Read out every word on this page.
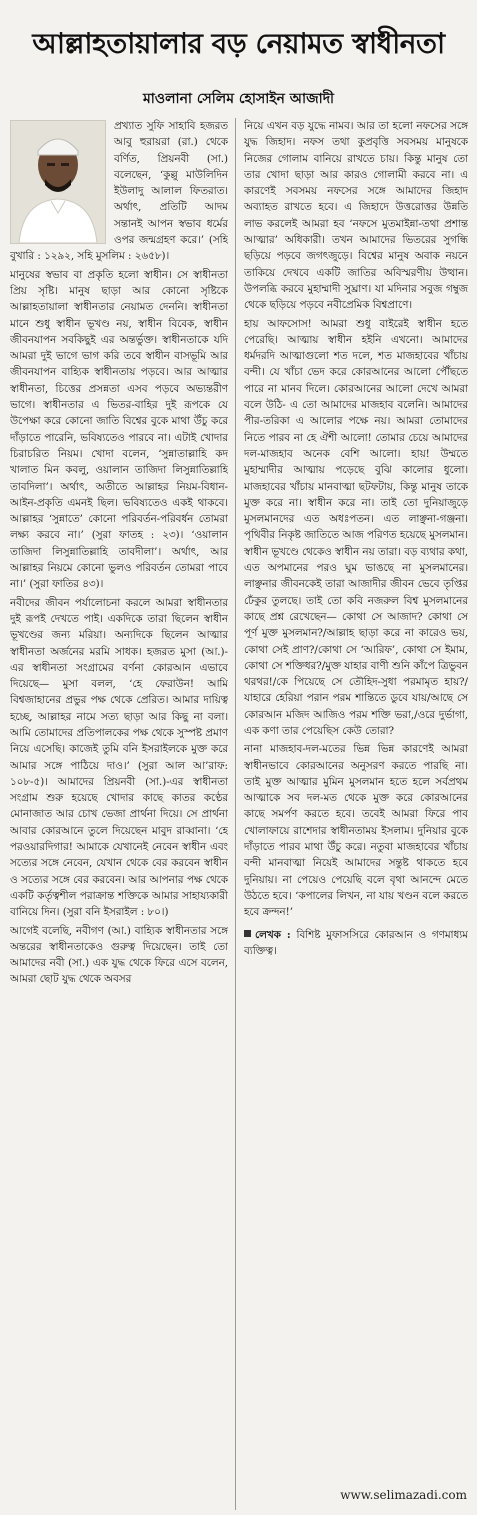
আল্লাহতায়ালার বড় নেয়ামত স্বাধীনতা
মাওলানা সেলিম হোসাইন আজাদী

প্রখ্যাত সুফি সাহাবি হজরত আবু হুরায়রা (রা.) থেকে বর্ণিত, প্রিয়নবী (সা.) বলেছেন, ‘কুল্লু মাউলিদিন ইউলাদু আলাল ফিতরাত। অর্থাৎ, প্রতিটি আদম সন্তানই আপন স্বভাব ধর্মের ওপর জন্মগ্রহণ করে।’ (সহি বুখারি : ১২৯২, সহি মুসলিম : ২৬৫৮)।

মানুষের স্বভাব বা প্রকৃতি হলো স্বাধীন। সে স্বাধীনতা প্রিয় সৃষ্টি। মানুষ ছাড়া আর কোনো সৃষ্টিকে আল্লাহতায়ালা স্বাধীনতার নেয়ামত দেননি। স্বাধীনতা মানে শুধু স্বাধীন ভূখণ্ড নয়, স্বাধীন বিবেক, স্বাধীন জীবনযাপন সবকিছুই এর অন্তর্ভুক্ত। স্বাধীনতাকে যদি আমরা দুই ভাগে ভাগ করি তবে স্বাধীন বাসভূমি আর জীবনযাপন বাহ্যিক স্বাধীনতায় পড়বে। আর আত্মার স্বাধীনতা, চিত্তের প্রসন্নতা এসব পড়বে অভ্যন্তরীণ ভাগে। স্বাধীনতার এ ভিতর-বাহির দুই রূপকে যে উপেক্ষা করে কোনো জাতি বিশ্বের বুকে মাথা উঁচু করে দাঁড়াতে পারেনি, ভবিষ্যতেও পারবে না। এটাই খোদার চিরাচরিত নিয়ম। খোদা বলেন, ‘সুন্নাতাল্লাহি কদ খালাত মিন কবলু, ওয়ালান তাজিদা লিসুন্নাতিল্লাহি তাবদিলা’। অর্থাৎ, অতীতে আল্লাহর নিয়ম-বিধান-আইন-প্রকৃতি এমনই ছিল। ভবিষ্যতেও একই থাকবে। আল্লাহর ‘সুন্নাতে’ কোনো পরিবর্তন-পরিবর্ধন তোমরা লক্ষ্য করবে না।’ (সুরা ফাতহ : ২৩)। ‘ওয়ালান তাজিদা লিসুন্নাতিল্লাহি তাবদীলা’। অর্থাৎ, আর আল্লাহর নিয়মে কোনো ভুলও পরিবর্তন তোমরা পাবে না।’ (সুরা ফাতির ৪৩)।

নবীদের জীবন পর্যালোচনা করলে আমরা স্বাধীনতার দুই রূপই দেখতে পাই। একদিকে তারা ছিলেন স্বাধীন ভূখণ্ডের জন্য মরিয়া। অন্যদিকে ছিলেন আত্মার স্বাধীনতা অর্জনের মরমি সাধক। হজরত মুসা (আ.)-এর স্বাধীনতা সংগ্রামের বর্ণনা কোরআন এভাবে দিয়েছে— মুসা বলল, ‘হে ফেরাউন! আমি বিশ্বজাহানের প্রভুর পক্ষ থেকে প্রেরিত। আমার দায়িত্ব হচ্ছে, আল্লাহর নামে সত্য ছাড়া আর কিছু না বলা। আমি তোমাদের প্রতিপালকের পক্ষ থেকে সুস্পষ্ট প্রমাণ নিয়ে এসেছি। কাজেই তুমি বনি ইসরাইলকে মুক্ত করে আমার সঙ্গে পাঠিয়ে দাও।’ (সুরা আল আ’রাফ: ১০৮-৫)। আমাদের প্রিয়নবী (সা.)-এর স্বাধীনতা সংগ্রাম শুরু হয়েছে খোদার কাছে কাতর কণ্ঠের মোনাজাত আর চোখ ভেজা প্রার্থনা দিয়ে। সে প্রার্থনা আবার কোরআনে তুলে দিয়েছেন মাবুদ রাব্বানা। ‘হে পরওয়ারদিগার! আমাকে যেখানেই নেবেন স্বাধীন এবং সত্যের সঙ্গে নেবেন, যেখান থেকে বের করবেন স্বাধীন ও সত্যের সঙ্গে বের করবেন। আর আপনার পক্ষ থেকে একটি কর্তৃত্বশীল পরাক্রান্ত শক্তিকে আমার সাহায্যকারী বানিয়ে দিন। (সুরা বনি ইসরাইল : ৮০।)

আগেই বলেছি, নবীগণ (আ.) বাহ্যিক স্বাধীনতার সঙ্গে অন্তরের স্বাধীনতাকেও গুরুত্ব দিয়েছেন। তাই তো আমাদের নবী (সা.) এক যুদ্ধ থেকে ফিরে এসে বলেন, আমরা ছোট যুদ্ধ থেকে অবসর

নিয়ে এখন বড় যুদ্ধে নামব। আর তা হলো নফসের সঙ্গে যুদ্ধ জিহাদ। নফস তথা কুপ্রবৃত্তি সবসময় মানুষকে নিজের গোলাম বানিয়ে রাখতে চায়। কিন্তু মানুষ তো তার খোদা ছাড়া আর কারও গোলামী করবে না। এ কারণেই সবসময় নফসের সঙ্গে আমাদের জিহাদ অব্যাহত রাখতে হবে। এ জিহাদে উত্তরোত্তর উন্নতি লাভ করলেই আমরা হব ‘নফসে মুতমাইন্না-তথা প্রশান্ত আত্মার’ অধিকারী। তখন আমাদের ভিতরের সুগন্ধি ছড়িয়ে পড়বে জগৎজুড়ে। বিশ্বের মানুষ অবাক নয়নে তাকিয়ে দেখবে একটি জাতির অবিস্মরণীয় উত্থান। উপলব্ধি করবে মুহাম্মাদী সুঘ্রাণ। যা মদিনার সবুজ গম্বুজ থেকে ছড়িয়ে পড়বে নবীপ্রেমিক বিশ্বপ্রাণে।

হায় আফসোস! আমরা শুধু বাইরেই স্বাধীন হতে পেরেছি। আত্মায় স্বাধীন হইনি এখনো। আমাদের ধর্মদরদি আত্মাগুলো শত দলে, শত মাজহাবের খাঁচায় বন্দী। যে খাঁচা ভেদ করে কোরআনের আলো পৌঁছতে পারে না মানব দিলে। কোরআনের আলো দেখে আমরা বলে উঠি- এ তো আমাদের মাজহাব বলেনি। আমাদের পীর-তরিকা এ আলোর পক্ষে নয়। আমরা তোমাদের নিতে পারব না হে ঐশী আলো! তোমার চেয়ে আমাদের দল-মাজহাব অনেক বেশি আলো। হায়! উম্মতে মুহাম্মাদীর আত্মায় পড়েছে বুঝি কালোর ধুলো। মাজহাবের খাঁচায় মানবাত্মা ছটফটায়, কিন্তু মানুষ তাকে মুক্ত করে না। স্বাধীন করে না। তাই তো দুনিয়াজুড়ে মুসলমানদের এত অধঃপতন। এত লাঞ্ছনা-গঞ্জনা। পৃথিবীর নিকৃষ্ট জাতিতে আজ পরিণত হয়েছে মুসলমান। স্বাধীন ভূখণ্ডে থেকেও স্বাধীন নয় তারা। বড় ব্যথার কথা, এত অপমানের পরও ঘুম ভাঙছে না মুসলমানের। লাঞ্ছনার জীবনকেই তারা আজাদীর জীবন ভেবে তৃপ্তির ঢেঁকুর তুলছে। তাই তো কবি নজরুল বিশ্ব মুসলমানের কাছে প্রশ্ন রেখেছেন— কোথা সে আজাদ? কোথা সে পূর্ণ মুক্ত মুসলমান?/আল্লাহ ছাড়া করে না কারেও ভয়, কোথা সেই প্রাণ?/কোথা সে ‘আরিফ’, কোথা সে ইমাম, কোথা সে শক্তিধর?/মুক্ত যাহার বাণী শুনি কাঁপে ত্রিভুবন থরথর!/কে পিয়েছে সে তৌহিদ-সুধা পরমামৃত হায়?/যাহারে হেরিয়া পরান পরম শান্তিতে ডুবে যায়/আছে সে কোরআন মজিদ আজিও পরম শক্তি ভরা,/ওরে দুর্ভাগা, এক কণা তার পেয়েছিস কেউ তোরা?

নানা মাজহাব-দল-মতের ভিন্ন ভিন্ন কারণেই আমরা স্বাধীনভাবে কোরআনের অনুসরণ করতে পারছি না। তাই মুক্ত আত্মার মুমিন মুসলমান হতে হলে সর্বপ্রথম আত্মাকে সব দল-মত থেকে মুক্ত করে কোরআনের কাছে সমর্পণ করতে হবে। তবেই আমরা ফিরে পাব খোলাফায়ে রাশেদার স্বাধীনতাময় ইসলাম। দুনিয়ার বুকে দাঁড়াতে পারব মাথা উঁচু করে। নতুবা মাজহাবের খাঁচায় বন্দী মানবাত্মা নিয়েই আমাদের সন্তুষ্ট থাকতে হবে দুনিয়ায়। না পেয়েও পেয়েছি বলে বৃথা আনন্দে মেতে উঠতে হবে। ‘কপালের লিখন, না যায় খণ্ডন বলে করতে হবে ক্রন্দন!’

লেখক : বিশিষ্ট মুফাসসিরে কোরআন ও গণমাধ্যম ব্যক্তিত্ব।
www.selimazadi.com
